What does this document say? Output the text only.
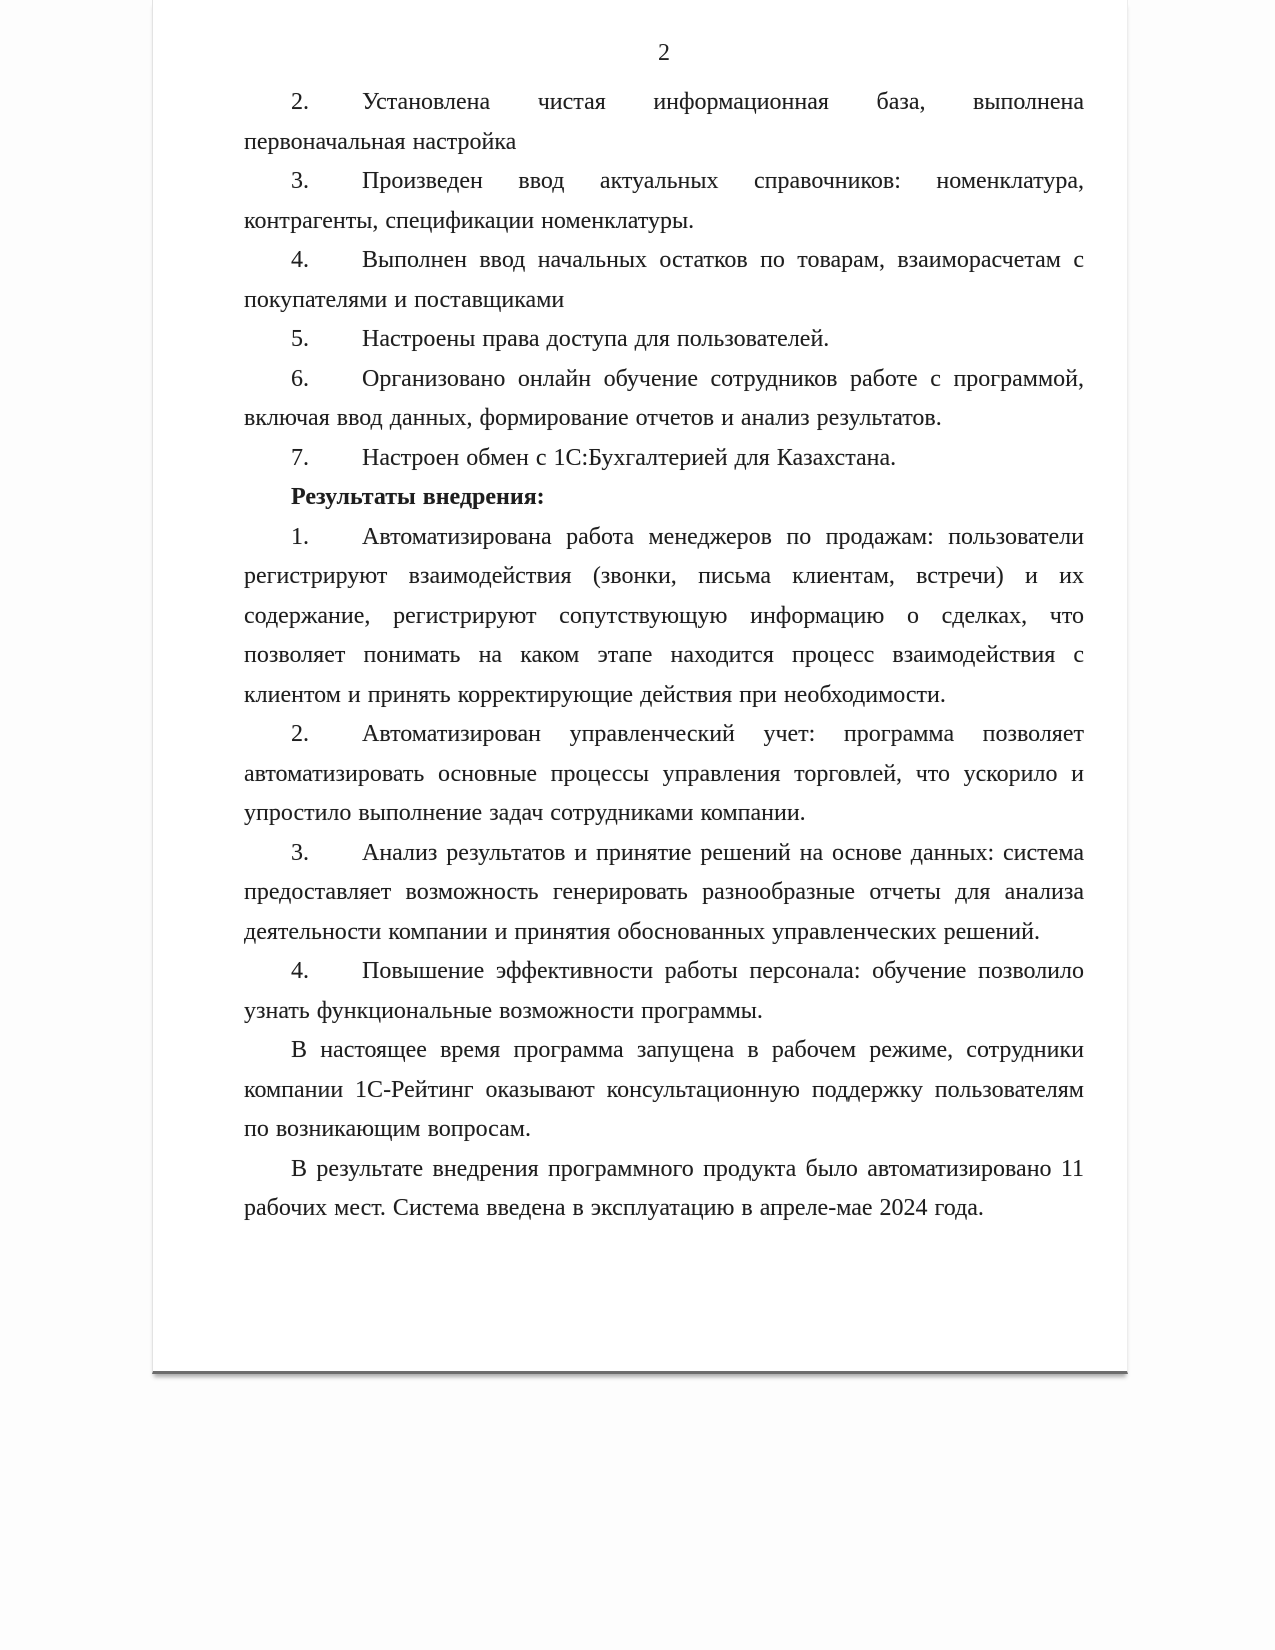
2

2. Установлена чистая информационная база, выполнена первоначальная настройка

3. Произведен ввод актуальных справочников: номенклатура, контрагенты, спецификации номенклатуры.

4. Выполнен ввод начальных остатков по товарам, взаиморасчетам с покупателями и поставщиками

5. Настроены права доступа для пользователей.

6. Организовано онлайн обучение сотрудников работе с программой, включая ввод данных, формирование отчетов и анализ результатов.

7. Настроен обмен с 1С:Бухгалтерией для Казахстана.

Результаты внедрения:

1. Автоматизирована работа менеджеров по продажам: пользователи регистрируют взаимодействия (звонки, письма клиентам, встречи) и их содержание, регистрируют сопутствующую информацию о сделках, что позволяет понимать на каком этапе находится процесс взаимодействия с клиентом и принять корректирующие действия при необходимости.

2. Автоматизирован управленческий учет: программа позволяет автоматизировать основные процессы управления торговлей, что ускорило и упростило выполнение задач сотрудниками компании.

3. Анализ результатов и принятие решений на основе данных: система предоставляет возможность генерировать разнообразные отчеты для анализа деятельности компании и принятия обоснованных управленческих решений.

4. Повышение эффективности работы персонала: обучение позволило узнать функциональные возможности программы.

В настоящее время программа запущена в рабочем режиме, сотрудники компании 1С-Рейтинг оказывают консультационную поддержку пользователям по возникающим вопросам.

В результате внедрения программного продукта было автоматизировано 11 рабочих мест. Система введена в эксплуатацию в апреле-мае 2024 года.
